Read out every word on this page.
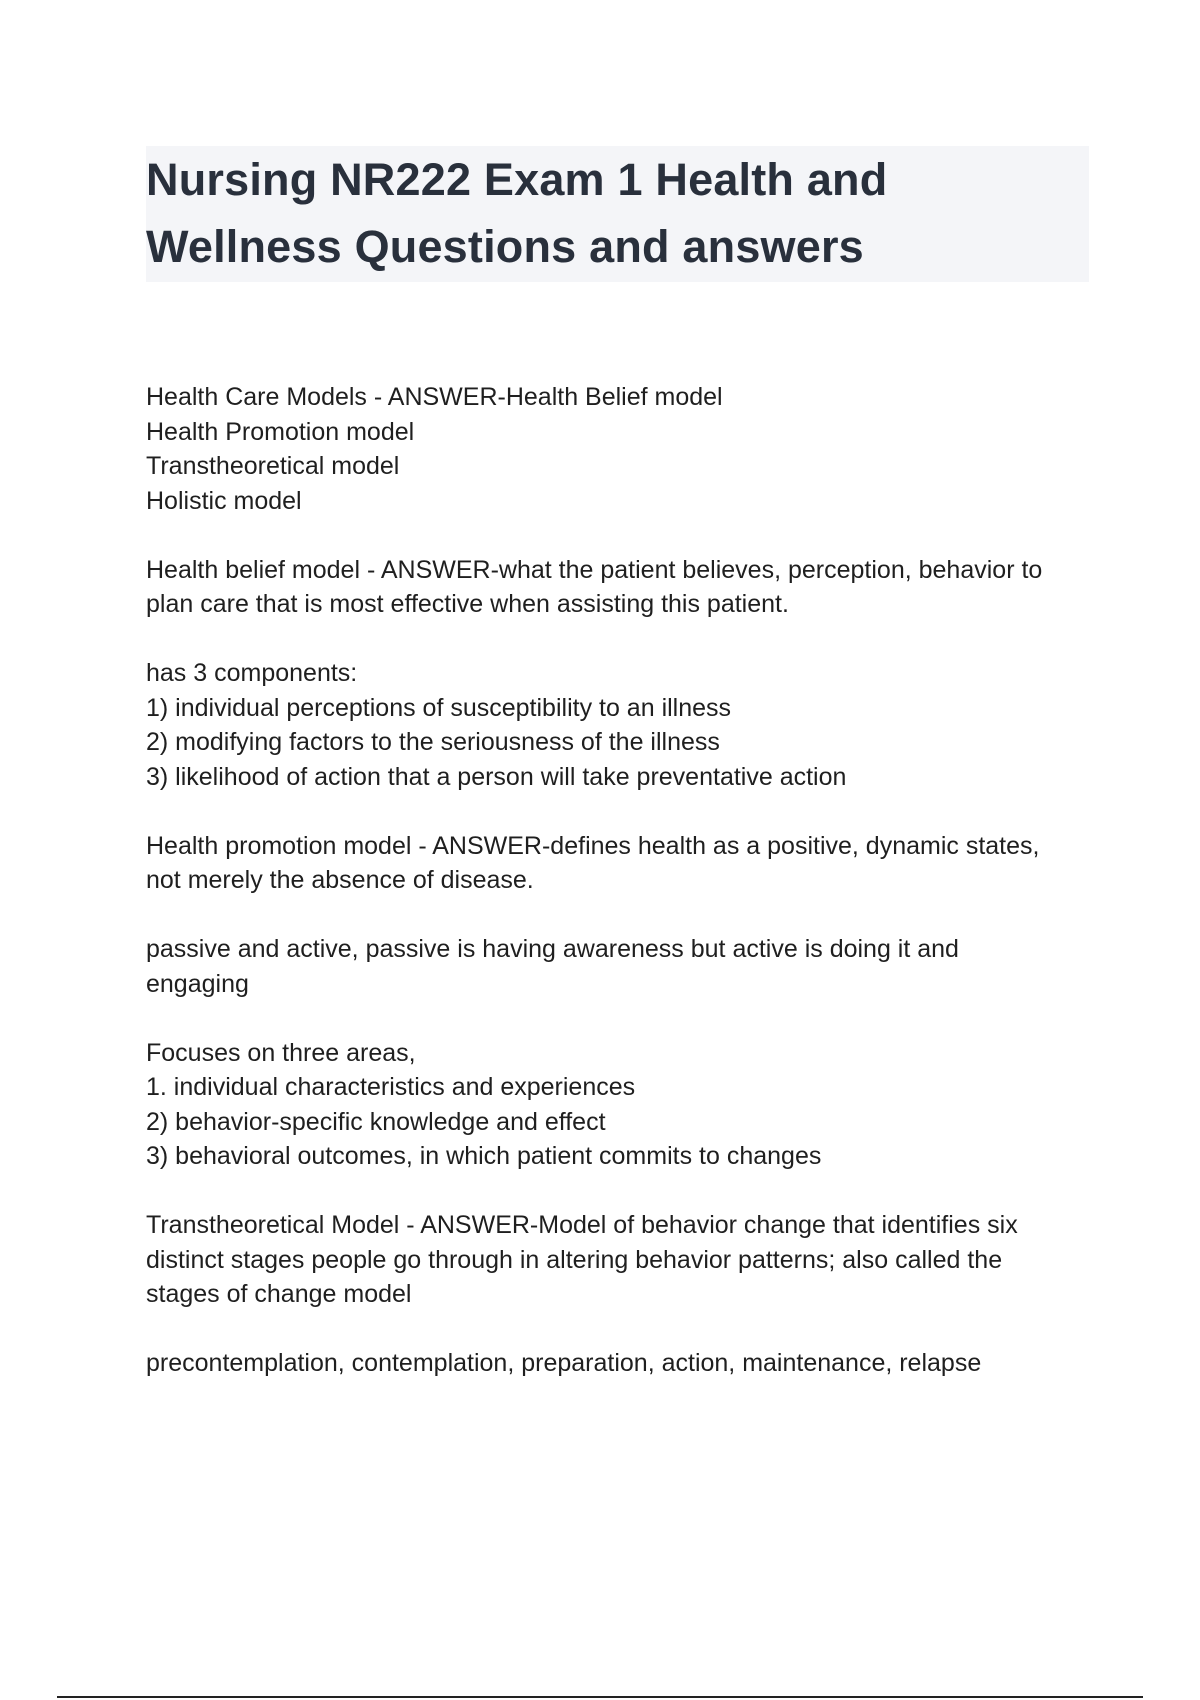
Nursing NR222 Exam 1 Health and
Wellness Questions and answers

Health Care Models - ANSWER-Health Belief model
Health Promotion model
Transtheoretical model
Holistic model

Health belief model - ANSWER-what the patient believes, perception, behavior to
plan care that is most effective when assisting this patient.

has 3 components:
1) individual perceptions of susceptibility to an illness
2) modifying factors to the seriousness of the illness
3) likelihood of action that a person will take preventative action

Health promotion model - ANSWER-defines health as a positive, dynamic states,
not merely the absence of disease.

passive and active, passive is having awareness but active is doing it and
engaging

Focuses on three areas,
1. individual characteristics and experiences
2) behavior-specific knowledge and effect
3) behavioral outcomes, in which patient commits to changes

Transtheoretical Model - ANSWER-Model of behavior change that identifies six
distinct stages people go through in altering behavior patterns; also called the
stages of change model

precontemplation, contemplation, preparation, action, maintenance, relapse
